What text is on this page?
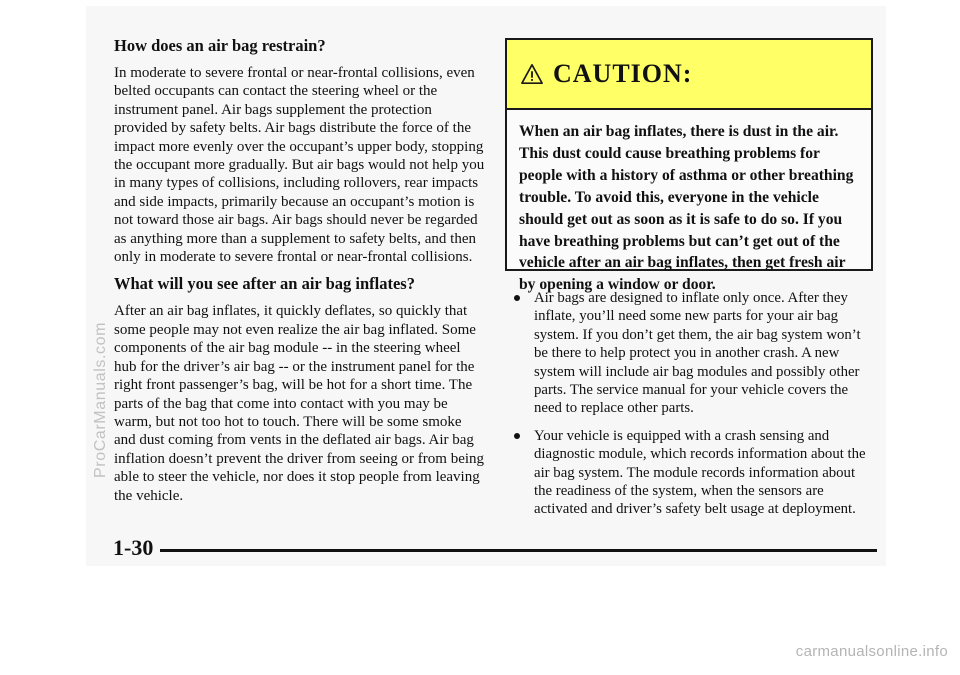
How does an air bag restrain?

In moderate to severe frontal or near-frontal collisions, even belted occupants can contact the steering wheel or the instrument panel. Air bags supplement the protection provided by safety belts. Air bags distribute the force of the impact more evenly over the occupant’s upper body, stopping the occupant more gradually. But air bags would not help you in many types of collisions, including rollovers, rear impacts and side impacts, primarily because an occupant’s motion is not toward those air bags. Air bags should never be regarded as anything more than a supplement to safety belts, and then only in moderate to severe frontal or near-frontal collisions.

What will you see after an air bag inflates?

After an air bag inflates, it quickly deflates, so quickly that some people may not even realize the air bag inflated. Some components of the air bag module -- in the steering wheel hub for the driver’s air bag -- or the instrument panel for the right front passenger’s bag, will be hot for a short time. The parts of the bag that come into contact with you may be warm, but not too hot to touch. There will be some smoke and dust coming from vents in the deflated air bags. Air bag inflation doesn’t prevent the driver from seeing or from being able to steer the vehicle, nor does it stop people from leaving the vehicle.

CAUTION:
When an air bag inflates, there is dust in the air. This dust could cause breathing problems for people with a history of asthma or other breathing trouble. To avoid this, everyone in the vehicle should get out as soon as it is safe to do so. If you have breathing problems but can’t get out of the vehicle after an air bag inflates, then get fresh air by opening a window or door.
Air bags are designed to inflate only once. After they inflate, you’ll need some new parts for your air bag system. If you don’t get them, the air bag system won’t be there to help protect you in another crash. A new system will include air bag modules and possibly other parts. The service manual for your vehicle covers the need to replace other parts.
Your vehicle is equipped with a crash sensing and diagnostic module, which records information about the air bag system. The module records information about the readiness of the system, when the sensors are activated and driver’s safety belt usage at deployment.
1-30
ProCarManuals.com
carmanualsonline.info
